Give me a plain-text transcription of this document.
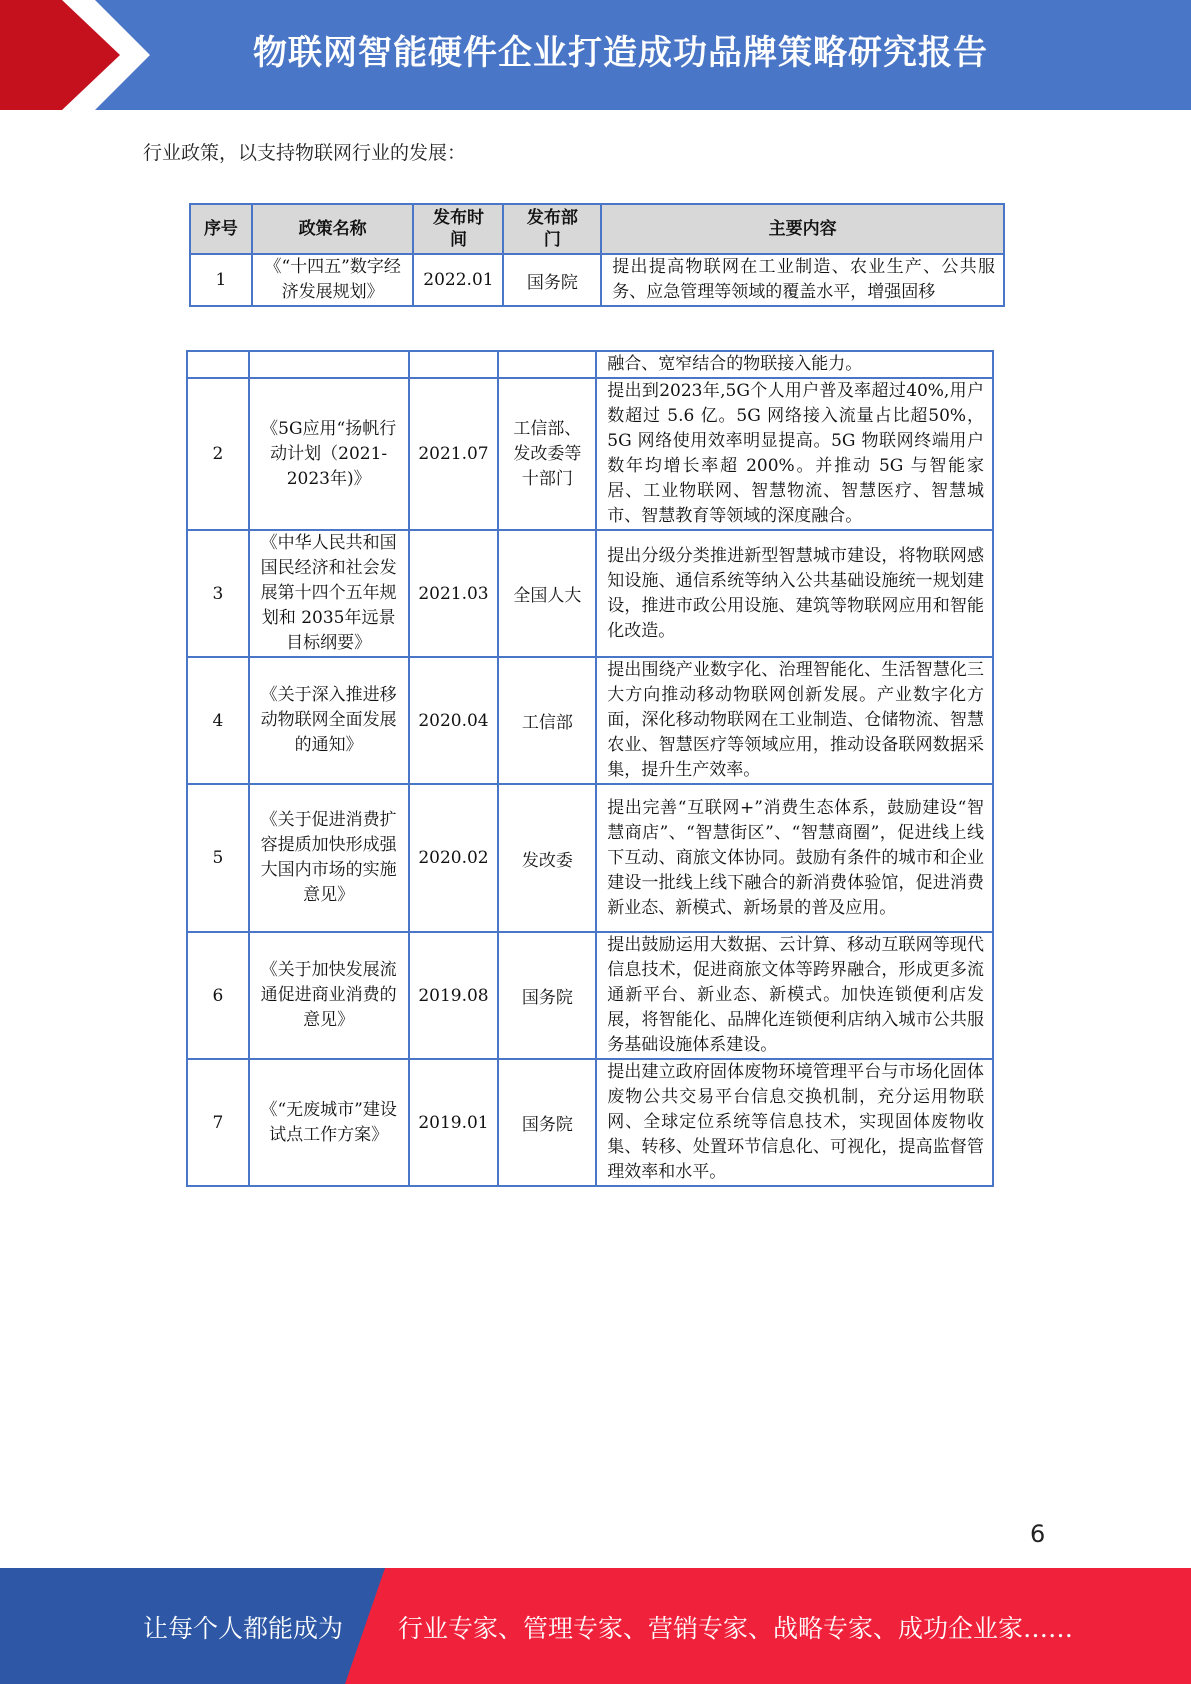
物联网智能硬件企业打造成功品牌策略研究报告
行业政策，以支持物联网行业的发展：
序号	政策名称	发布时间	发布部门	主要内容
1	《“十四五”数字经济发展规划》	2022.01	国务院	提出提高物联网在工业制造、农业生产、公共服务、应急管理等领域的覆盖水平，增强固移
				融合、宽窄结合的物联接入能力。
2	《5G应用“扬帆行动计划（2021-2023年)》	2021.07	工信部、发改委等十部门	提出到2023年,5G个人用户普及率超过40%,用户数超过 5.6 亿。5G 网络接入流量占比超50%，5G 网络使用效率明显提高。5G 物联网终端用户数年均增长率超 200%。并推动 5G 与智能家居、工业物联网、智慧物流、智慧医疗、智慧城市、智慧教育等领域的深度融合。
3	《中华人民共和国国民经济和社会发展第十四个五年规划和 2035年远景目标纲要》	2021.03	全国人大	提出分级分类推进新型智慧城市建设，将物联网感知设施、通信系统等纳入公共基础设施统一规划建设，推进市政公用设施、建筑等物联网应用和智能化改造。
4	《关于深入推进移动物联网全面发展的通知》	2020.04	工信部	提出围绕产业数字化、治理智能化、生活智慧化三大方向推动移动物联网创新发展。产业数字化方面，深化移动物联网在工业制造、仓储物流、智慧农业、智慧医疗等领域应用，推动设备联网数据采集，提升生产效率。
5	《关于促进消费扩容提质加快形成强大国内市场的实施意见》	2020.02	发改委	提出完善“互联网+”消费生态体系，鼓励建设“智慧商店”、“智慧街区”、“智慧商圈”，促进线上线下互动、商旅文体协同。鼓励有条件的城市和企业建设一批线上线下融合的新消费体验馆，促进消费新业态、新模式、新场景的普及应用。
6	《关于加快发展流通促进商业消费的意见》	2019.08	国务院	提出鼓励运用大数据、云计算、移动互联网等现代信息技术，促进商旅文体等跨界融合，形成更多流通新平台、新业态、新模式。加快连锁便利店发展，将智能化、品牌化连锁便利店纳入城市公共服务基础设施体系建设。
7	《“无废城市”建设试点工作方案》	2019.01	国务院	提出建立政府固体废物环境管理平台与市场化固体废物公共交易平台信息交换机制，充分运用物联网、全球定位系统等信息技术，实现固体废物收集、转移、处置环节信息化、可视化，提高监督管理效率和水平。
6
让每个人都能成为 行业专家、管理专家、营销专家、战略专家、成功企业家……
